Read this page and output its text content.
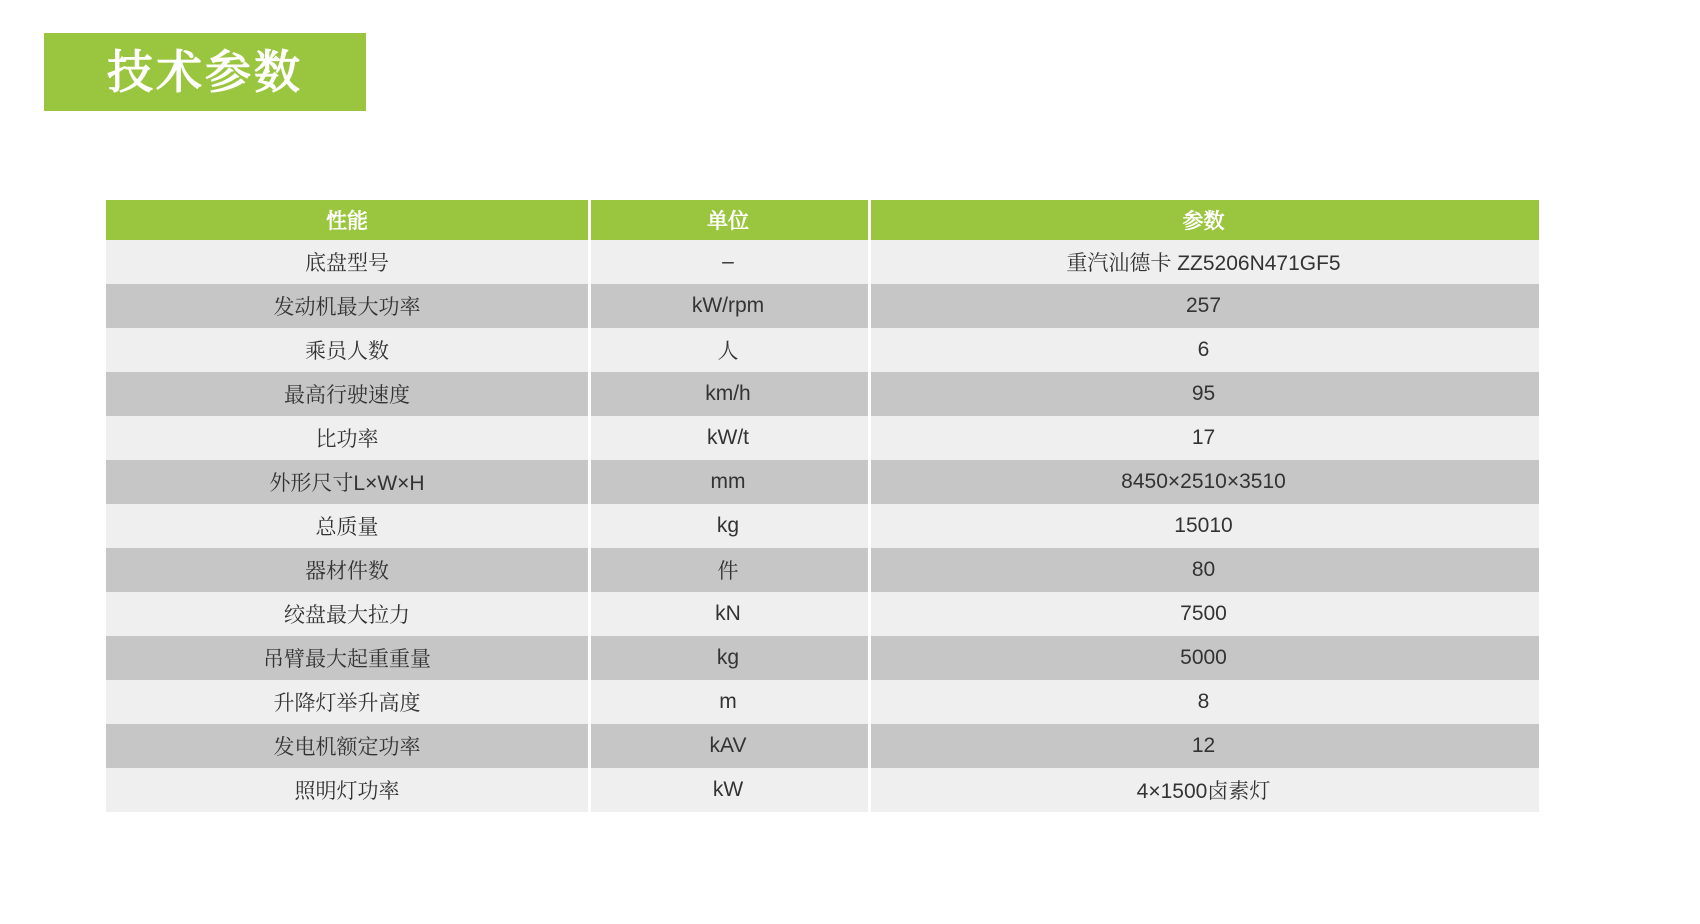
技术参数
性能	单位	参数
底盘型号	–	重汽汕德卡 ZZ5206N471GF5
发动机最大功率	kW/rpm	257
乘员人数	人	6
最高行驶速度	km/h	95
比功率	kW/t	17
外形尺寸L×W×H	mm	8450×2510×3510
总质量	kg	15010
器材件数	件	80
绞盘最大拉力	kN	7500
吊臂最大起重重量	kg	5000
升降灯举升高度	m	8
发电机额定功率	kAV	12
照明灯功率	kW	4×1500卤素灯
